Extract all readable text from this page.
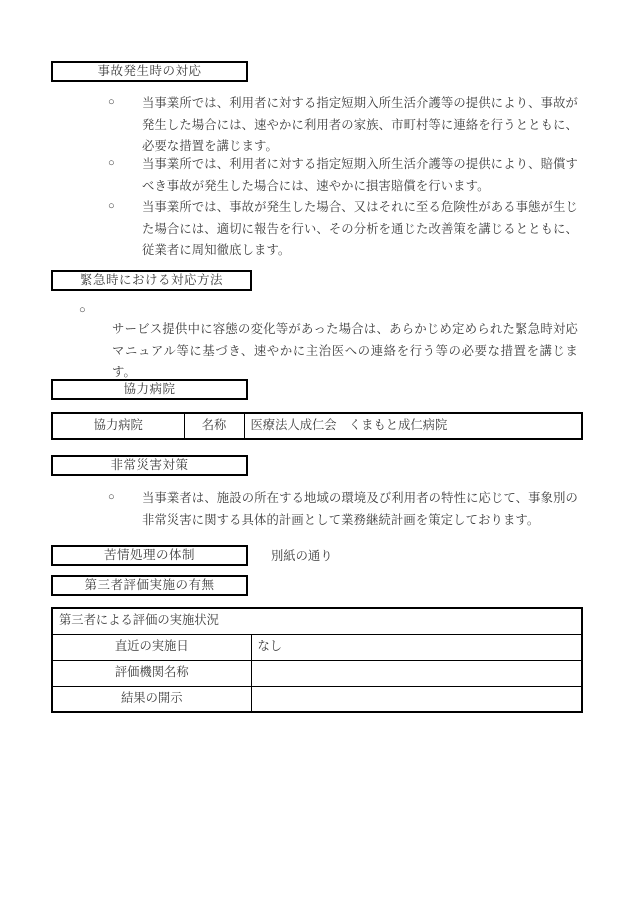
事故発生時の対応
○ 当事業所では、利用者に対する指定短期入所生活介護等の提供により、事故が発生した場合には、速やかに利用者の家族、市町村等に連絡を行うとともに、必要な措置を講じます。
○ 当事業所では、利用者に対する指定短期入所生活介護等の提供により、賠償すべき事故が発生した場合には、速やかに損害賠償を行います。
○ 当事業所では、事故が発生した場合、又はそれに至る危険性がある事態が生じた場合には、適切に報告を行い、その分析を通じた改善策を講じるとともに、従業者に周知徹底します。
緊急時における対応方法
○
サービス提供中に容態の変化等があった場合は、あらかじめ定められた緊急時対応マニュアル等に基づき、速やかに主治医への連絡を行う等の必要な措置を講じます。
協力病院
協力病院	名称	医療法人成仁会　くまもと成仁病院
非常災害対策
○ 当事業者は、施設の所在する地域の環境及び利用者の特性に応じて、事象別の非常災害に関する具体的計画として業務継続計画を策定しております。
苦情処理の体制	別紙の通り
第三者評価実施の有無
第三者による評価の実施状況	
直近の実施日	なし
評価機関名称	
結果の開示	
